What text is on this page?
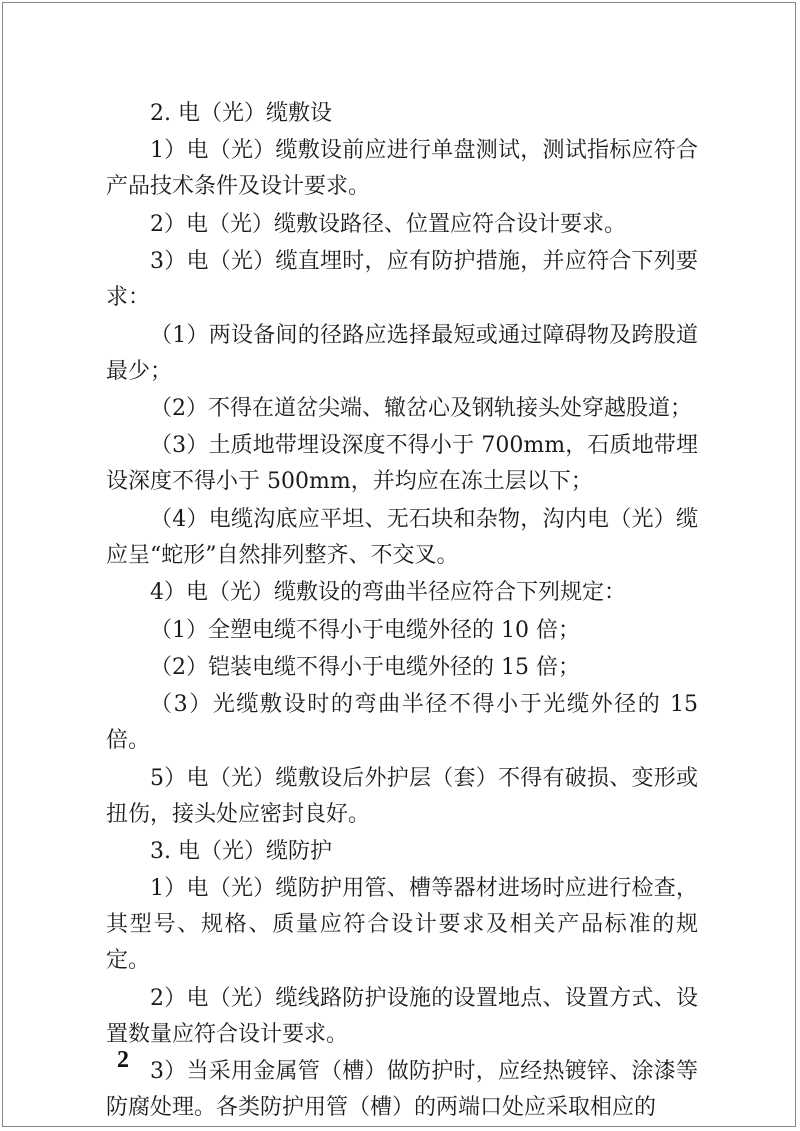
2. 电（光）缆敷设

1）电（光）缆敷设前应进行单盘测试，测试指标应符合产品技术条件及设计要求。

2）电（光）缆敷设路径、位置应符合设计要求。

3）电（光）缆直埋时，应有防护措施，并应符合下列要求：

（1）两设备间的径路应选择最短或通过障碍物及跨股道最少；

（2）不得在道岔尖端、辙岔心及钢轨接头处穿越股道；

（3）土质地带埋设深度不得小于 700mm，石质地带埋设深度不得小于 500mm，并均应在冻土层以下；

（4）电缆沟底应平坦、无石块和杂物，沟内电（光）缆应呈“蛇形”自然排列整齐、不交叉。

4）电（光）缆敷设的弯曲半径应符合下列规定：

（1）全塑电缆不得小于电缆外径的 10 倍；

（2）铠装电缆不得小于电缆外径的 15 倍；

（3）光缆敷设时的弯曲半径不得小于光缆外径的 15 倍。

5）电（光）缆敷设后外护层（套）不得有破损、变形或扭伤，接头处应密封良好。

3. 电（光）缆防护

1）电（光）缆防护用管、槽等器材进场时应进行检查，其型号、规格、质量应符合设计要求及相关产品标准的规定。

2）电（光）缆线路防护设施的设置地点、设置方式、设置数量应符合设计要求。

3）当采用金属管（槽）做防护时，应经热镀锌、涂漆等防腐处理。各类防护用管（槽）的两端口处应采取相应的

2
